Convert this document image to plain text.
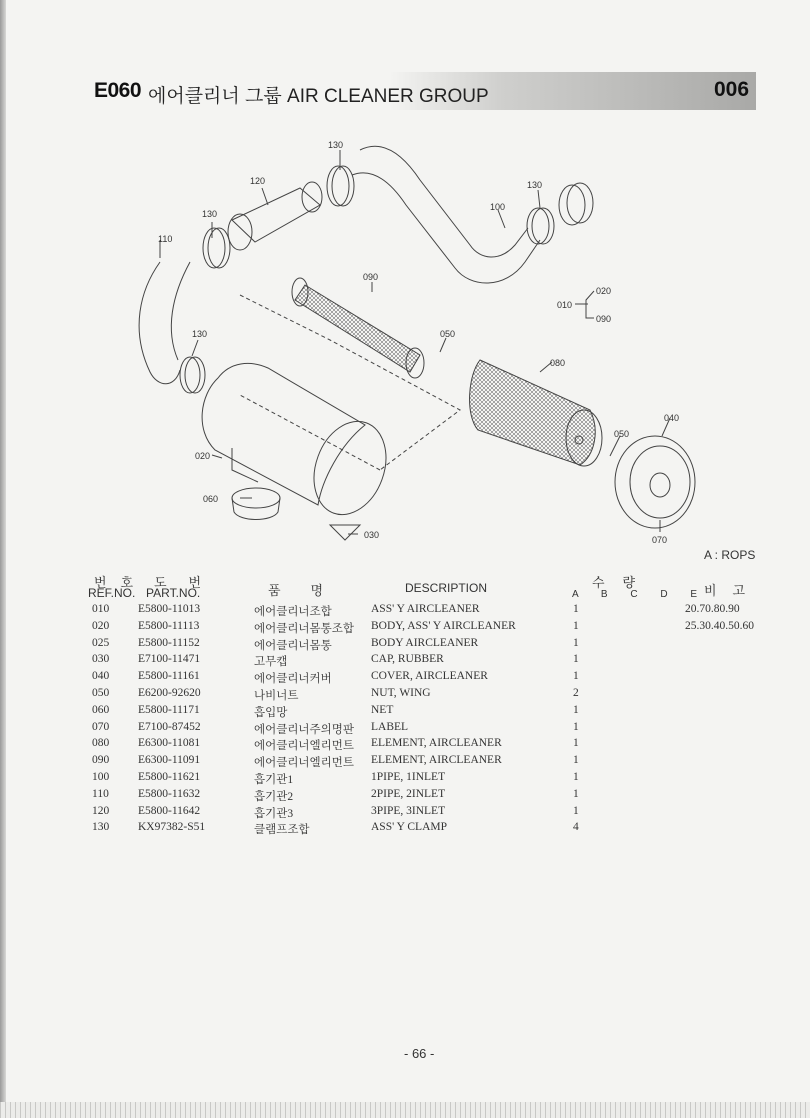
E060 에어클리너 그룹 AIR CLEANER GROUP	006
130
120
130
110
100
130
090
020
010
090
050
130
080
040
050
020
060
070
030
A : ROPS
번호
REF.NO.
도번
PART.NO.	품명	DESCRIPTION	수량
A B C D E
비고
010	E5800-11013	에어클리너조합	ASS' Y AIRCLEANER	1	20.70.80.90
020	E5800-11113	에어클리너몸통조합 BODY, ASS' Y AIRCLEANER	1	25.30.40.50.60
025	E5800-11152	에어클리너몸통	BODY AIRCLEANER	1
030	E7100-11471	고무캡	CAP, RUBBER	1
040	E5800-11161	에어클리너커버	COVER, AIRCLEANER	1
050	E6200-92620	나비너트	NUT, WING	2
060	E5800-11171	흡입망	NET	1
070	E7100-87452	에어클리너주의명판 LABEL	1
080	E6300-11081	에어클리너엘리먼트 ELEMENT, AIRCLEANER	1
090	E6300-11091	에어클리너엘리먼트 ELEMENT, AIRCLEANER	1
100	E5800-11621	흡기관1	1PIPE, 1INLET	1
110	E5800-11632	흡기관2	2PIPE, 2INLET	1
120	E5800-11642	흡기관3	3PIPE, 3INLET	1
130	KX97382-S51	클램프조합	ASS' Y CLAMP	4
- 66 -
